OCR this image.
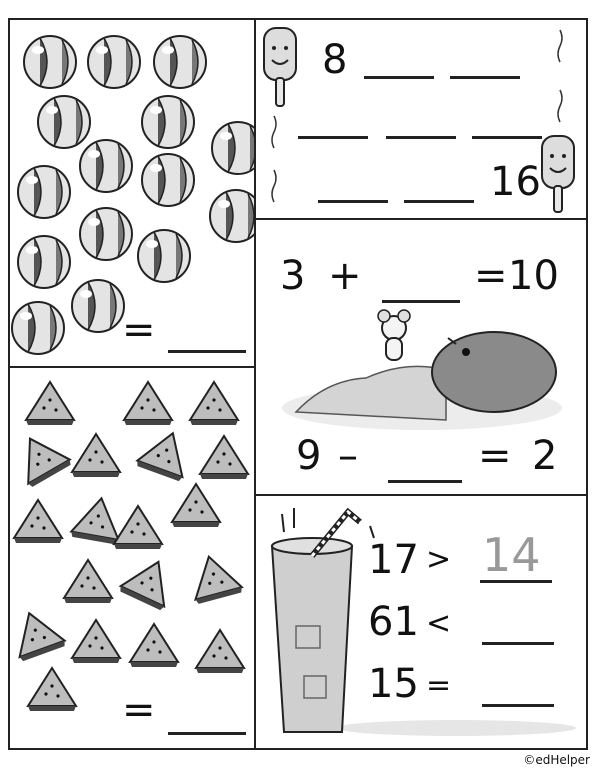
=
=
8
16
3 +	= 10
9 –	= 2
17 > 14
61 <
15 =
©edHelper
